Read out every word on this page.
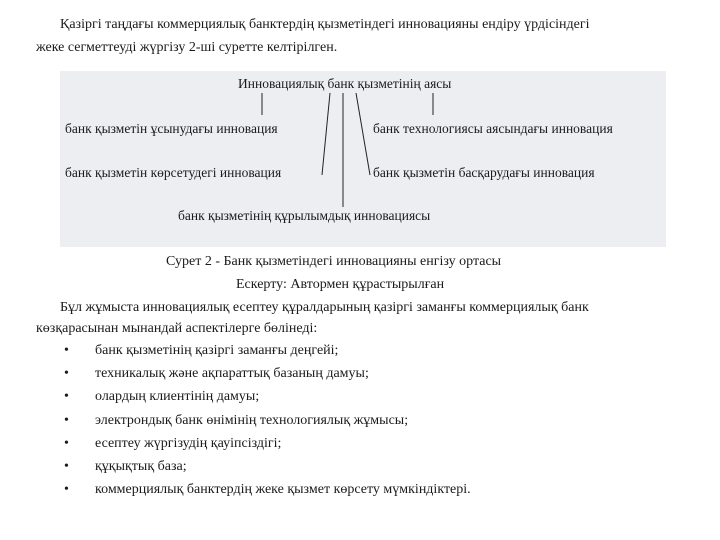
Қазіргі таңдағы коммерциялық банктердің қызметіндегі инновацияны ендіру үрдісіндегі
жеке сегметтеуді жүргізу 2-ші суретте келтірілген.
Инновациялық банк қызметінің аясы
банк қызметін ұсынудағы инновация	банк технологиясы аясындағы инновация
банк қызметін көрсетудегі инновация	банк қызметін басқарудағы инновация
банк қызметінің құрылымдық инновациясы
Сурет 2 - Банк қызметіндегі инновацияны енгізу ортасы
Ескерту: Автормен құрастырылған
Бұл жұмыста инновациялық есептеу құралдарының қазіргі заманғы коммерциялық банк
көзқарасынан мынандай аспектілерге бөлінеді:
• банк қызметінің қазіргі заманғы деңгейі;
• техникалық және ақпараттық базаның дамуы;
• олардың клиентінің дамуы;
• электрондық банк өнімінің технологиялық жұмысы;
• есептеу жүргізудің қауіпсіздігі;
• құқықтық база;
• коммерциялық банктердің жеке қызмет көрсету мүмкіндіктері.
